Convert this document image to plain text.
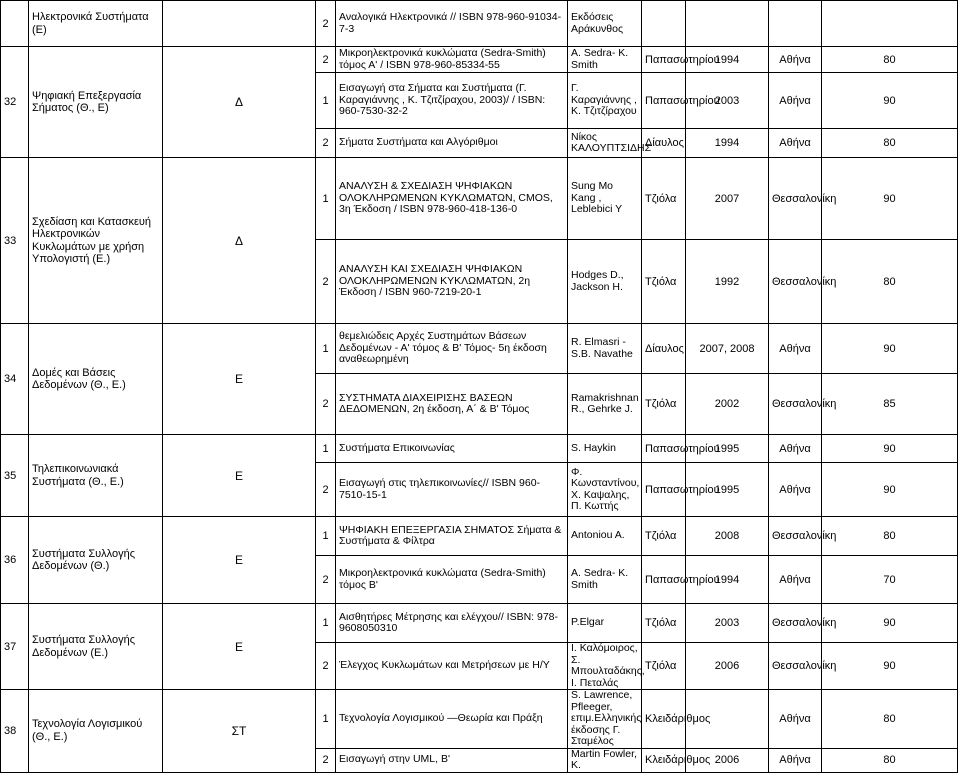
	Ηλεκτρονικά Συστήματα (Ε)		2	Αναλογικά Ηλεκτρονικά // ISBN 978-960-91034-7-3	Εκδόσεις Αράκυνθος				
32	Ψηφιακή Επεξεργασία Σήματος (Θ., Ε)	Δ	2	Μικροηλεκτρονικά κυκλώματα (Sedra-Smith) τόμος Α' / ISBN 978-960-85334-55	A. Sedra- K. Smith	Παπασωτηρίου	1994	Αθήνα	80
			1	Εισαγωγή στα Σήματα και Συστήματα (Γ. Καραγιάννης , Κ. Τζιτζίραχου, 2003)/ / ISBN: 960-7530-32-2	Γ. Καραγιάννης , Κ. Τζιτζίραχου	Παπασωτηρίου	2003	Αθήνα	90
			2	Σήματα Συστήματα και Αλγόριθμοι	Νίκος ΚΑΛΟΥΠΤΣΙΔΗΣ	Δίαυλος	1994	Αθήνα	80
33	Σχεδίαση και Κατασκευή Ηλεκτρονικών Κυκλωμάτων με χρήση Υπολογιστή (Ε.)	Δ	1	ΑΝΑΛΥΣΗ & ΣΧΕΔΙΑΣΗ ΨΗΦΙΑΚΩΝ ΟΛΟΚΛΗΡΩΜΕΝΩΝ ΚΥΚΛΩΜΑΤΩΝ, CMOS, 3η Έκδοση / ISBN 978-960-418-136-0	Sung Mo Kang , Leblebici Y	Τζιόλα	2007	Θεσσαλονίκη	90
			2	ΑΝΑΛΥΣΗ ΚΑΙ ΣΧΕΔΙΑΣΗ ΨΗΦΙΑΚΩΝ ΟΛΟΚΛΗΡΩΜΕΝΩΝ ΚΥΚΛΩΜΑΤΩΝ, 2η Έκδοση / ISBN 960-7219-20-1	Hodges D., Jackson H.	Τζιόλα	1992	Θεσσαλονίκη	80
34	Δομές και Βάσεις Δεδομένων (Θ., Ε.)	Ε	1	θεμελιώδεις Αρχές Συστημάτων Βάσεων Δεδομένων - Α' τόμος & Β' Τόμος- 5η έκδοση αναθεωρημένη	R. Elmasri - S.B. Navathe	Δίαυλος	2007, 2008	Αθήνα	90
			2	ΣΥΣΤΗΜΑΤΑ ΔΙΑΧΕΙΡΙΣΗΣ ΒΑΣΕΩΝ ΔΕΔΟΜΕΝΩΝ, 2η έκδοση, Α΄ & Β' Τόμος	Ramakrishnan R., Gehrke J.	Τζιόλα	2002	Θεσσαλονίκη	85
35	Τηλεπικοινωνιακά Συστήματα (Θ., Ε.)	Ε	1	Συστήματα Επικοινωνίας	S. Haykin	Παπασωτηρίου	1995	Αθήνα	90
			2	Εισαγωγή στις τηλεπικοινωνίες// ISBN 960-7510-15-1	Φ. Κωνσταντίνου, Χ. Καψαλης, Π. Κωττής	Παπασωτηρίου	1995	Αθήνα	90
36	Συστήματα Συλλογής Δεδομένων (Θ.)	Ε	1	ΨΗΦΙΑΚΗ ΕΠΕΞΕΡΓΑΣΙΑ ΣΗΜΑΤΟΣ Σήματα & Συστήματα & Φίλτρα	Antoniou A.	Τζιόλα	2008	Θεσσαλονίκη	80
			2	Μικροηλεκτρονικά κυκλώματα (Sedra-Smith) τόμος Β'	A. Sedra- K. Smith	Παπασωτηρίου	1994	Αθήνα	70
37	Συστήματα Συλλογής Δεδομένων (Ε.)	Ε	1	Αισθητήρες Μέτρησης και ελέγχου// ISBN: 978-9608050310	P.Elgar	Τζιόλα	2003	Θεσσαλονίκη	90
			2	Έλεγχος Κυκλωμάτων και Μετρήσεων με Η/Υ	Ι. Καλόμοιρος, Σ. Μπουλταδάκης, Ι. Πεταλάς	Τζιόλα	2006	Θεσσαλονίκη	90
38	Τεχνολογία Λογισμικού (Θ., Ε.)	ΣΤ	1	Τεχνολογία Λογισμικού —Θεωρία και Πράξη	S. Lawrence, Pfleeger, επιμ.Ελληνικής έκδοσης Γ. Σταμέλος	Κλειδάριθμος		Αθήνα	80
			2	Εισαγωγή στην UML, Β'	Martin Fowler, K.	Κλειδάριθμος	2006	Αθήνα	80
